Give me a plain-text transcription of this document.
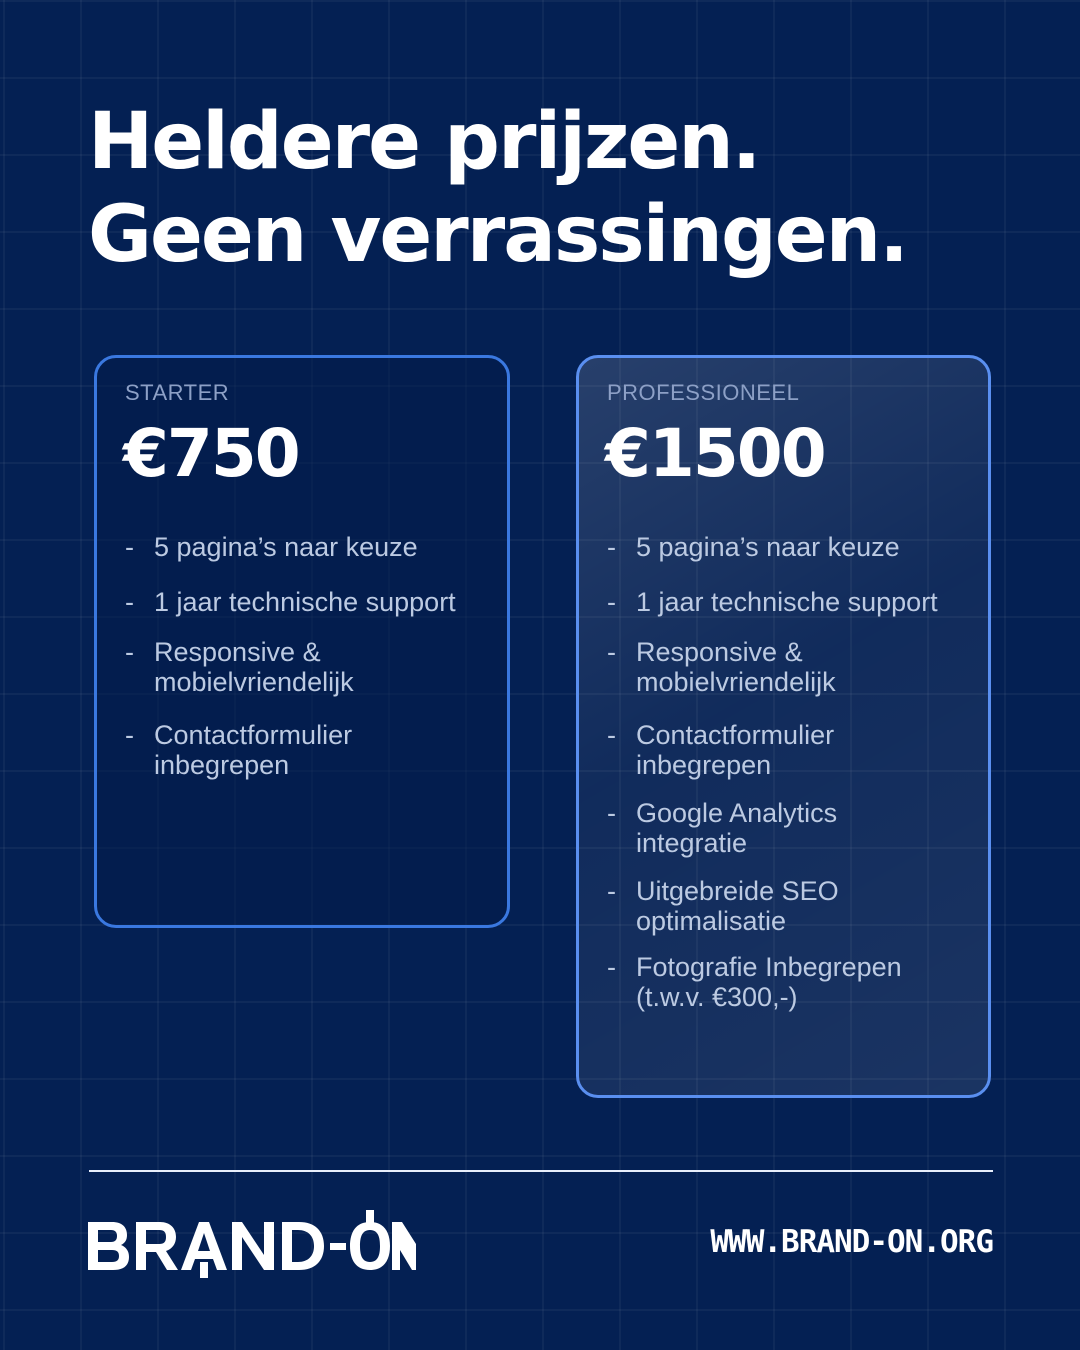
Heldere prijzen.
Geen verrassingen.
STARTER
€750
- 5 pagina’s naar keuze
- 1 jaar technische support
- Responsive & mobielvriendelijk
- Contactformulier inbegrepen
PROFESSIONEEL
€1500
- 5 pagina’s naar keuze
- 1 jaar technische support
- Responsive & mobielvriendelijk
- Contactformulier inbegrepen
- Google Analytics integratie
- Uitgebreide SEO optimalisatie
- Fotografie Inbegrepen (t.w.v. €300,-)
WWW.BRAND-ON.ORG
